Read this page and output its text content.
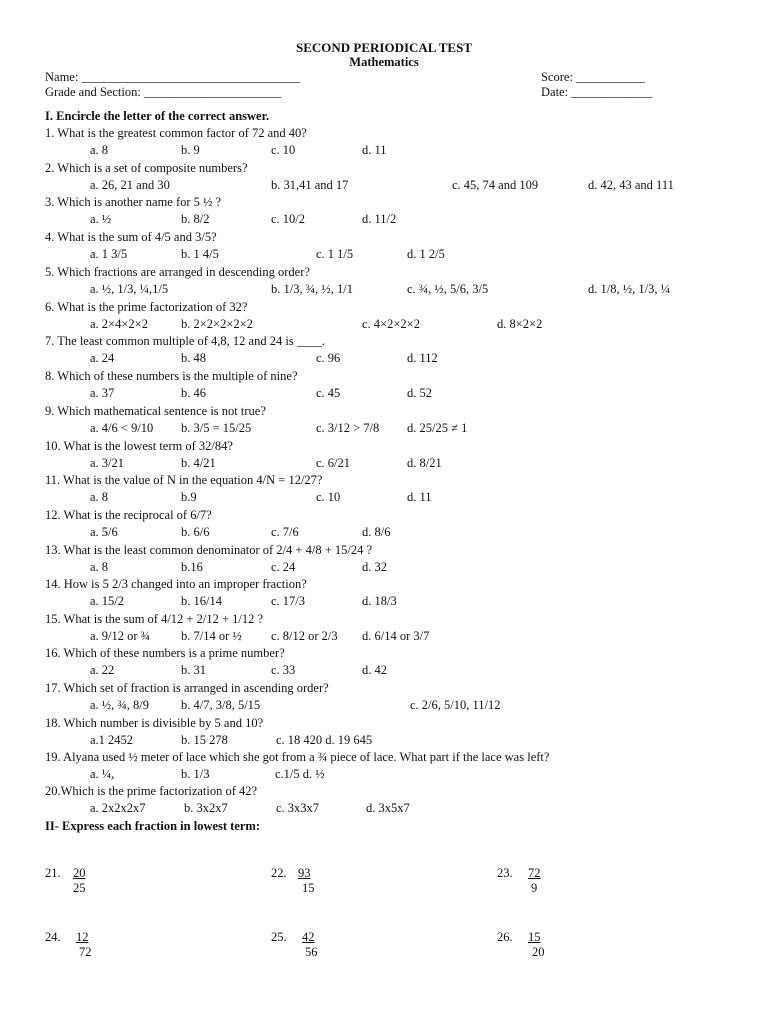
SECOND PERIODICAL TEST
Mathematics
Name: ___________________________________	Score: ___________
Grade and Section: ______________________	Date: _____________
I. Encircle the letter of the correct answer.
1. What is the greatest common factor of 72 and 40?
a. 8	b. 9	c. 10	d. 11
2. Which is a set of composite numbers?
a. 26, 21 and 30	b. 31,41 and 17	c. 45, 74 and 109	d. 42, 43 and 111
3. Which is another name for 5 ½ ?
a. ½	b. 8/2	c. 10/2	d. 11/2
4. What is the sum of 4/5 and 3/5?
a. 1 3/5	b. 1 4/5	c. 1 1/5	d. 1 2/5
5. Which fractions are arranged in descending order?
a. ½, 1/3, ¼,1/5	b. 1/3, ¾, ½, 1/1	c. ¾, ½, 5/6, 3/5	d. 1/8, ½, 1/3, ¼
6. What is the prime factorization of 32?
a. 2×4×2×2	b. 2×2×2×2×2	c. 4×2×2×2	d. 8×2×2
7. The least common multiple of 4,8, 12 and 24 is ____.
a. 24	b. 48	c. 96	d. 112
8. Which of these numbers is the multiple of nine?
a. 37	b. 46	c. 45	d. 52
9. Which mathematical sentence is not true?
a. 4/6 < 9/10 b. 3/5 = 15/25	c. 3/12 > 7/8 d. 25/25 ≠ 1
10. What is the lowest term of 32/84?
a. 3/21	b. 4/21	c. 6/21	d. 8/21
11. What is the value of N in the equation 4/N = 12/27?
a. 8	b.9	c. 10	d. 11
12. What is the reciprocal of 6/7?
a. 5/6	b. 6/6	c. 7/6	d. 8/6
13. What is the least common denominator of 2/4 + 4/8 + 15/24 ?
a. 8	b.16	c. 24	d. 32
14. How is 5 2/3 changed into an improper fraction?
a. 15/2	b. 16/14	c. 17/3	d. 18/3
15. What is the sum of 4/12 + 2/12 + 1/12 ?
a. 9/12 or ¾ b. 7/14 or ½ c. 8/12 or 2/3 d. 6/14 or 3/7
16. Which of these numbers is a prime number?
a. 22	b. 31	c. 33	d. 42
17. Which set of fraction is arranged in ascending order?
a. ½, ¾, 8/9	b. 4/7, 3/8, 5/15	c. 2/6, 5/10, 11/12
18. Which number is divisible by 5 and 10?
a.1 2452	b. 15 278	c. 18 420 d. 19 645
19. Alyana used ½ meter of lace which she got from a ¾ piece of lace. What part if the lace was left?
a. ¼,	b. 1/3	c.1/5 d. ½
20.Which is the prime factorization of 42?
a. 2x2x2x7	b. 3x2x7	c. 3x3x7	d. 3x5x7
II- Express each fraction in lowest term:
21. 20
25
22. 93
15
23. 72
9
24. 12
72
25. 42
56
26. 15
20
